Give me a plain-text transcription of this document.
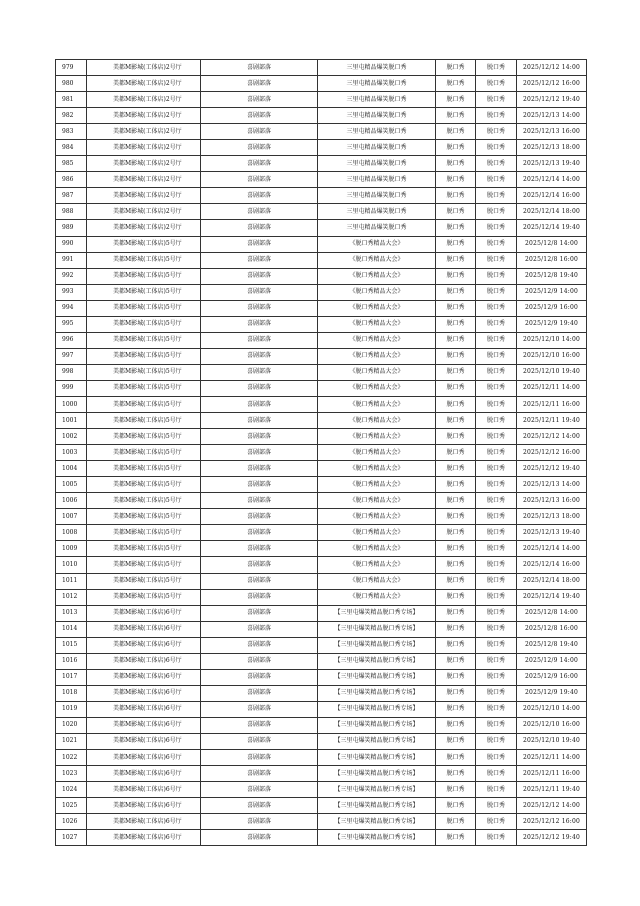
979	美都M影城(工体店)2号厅	喜剧部落	三里屯精品爆笑脱口秀	脱口秀	脱口秀	2025/12/12 14:00
980	美都M影城(工体店)2号厅	喜剧部落	三里屯精品爆笑脱口秀	脱口秀	脱口秀	2025/12/12 16:00
981	美都M影城(工体店)2号厅	喜剧部落	三里屯精品爆笑脱口秀	脱口秀	脱口秀	2025/12/12 19:40
982	美都M影城(工体店)2号厅	喜剧部落	三里屯精品爆笑脱口秀	脱口秀	脱口秀	2025/12/13 14:00
983	美都M影城(工体店)2号厅	喜剧部落	三里屯精品爆笑脱口秀	脱口秀	脱口秀	2025/12/13 16:00
984	美都M影城(工体店)2号厅	喜剧部落	三里屯精品爆笑脱口秀	脱口秀	脱口秀	2025/12/13 18:00
985	美都M影城(工体店)2号厅	喜剧部落	三里屯精品爆笑脱口秀	脱口秀	脱口秀	2025/12/13 19:40
986	美都M影城(工体店)2号厅	喜剧部落	三里屯精品爆笑脱口秀	脱口秀	脱口秀	2025/12/14 14:00
987	美都M影城(工体店)2号厅	喜剧部落	三里屯精品爆笑脱口秀	脱口秀	脱口秀	2025/12/14 16:00
988	美都M影城(工体店)2号厅	喜剧部落	三里屯精品爆笑脱口秀	脱口秀	脱口秀	2025/12/14 18:00
989	美都M影城(工体店)2号厅	喜剧部落	三里屯精品爆笑脱口秀	脱口秀	脱口秀	2025/12/14 19:40
990	美都M影城(工体店)5号厅	喜剧部落	《脱口秀精品大会》	脱口秀	脱口秀	2025/12/8 14:00
991	美都M影城(工体店)5号厅	喜剧部落	《脱口秀精品大会》	脱口秀	脱口秀	2025/12/8 16:00
992	美都M影城(工体店)5号厅	喜剧部落	《脱口秀精品大会》	脱口秀	脱口秀	2025/12/8 19:40
993	美都M影城(工体店)5号厅	喜剧部落	《脱口秀精品大会》	脱口秀	脱口秀	2025/12/9 14:00
994	美都M影城(工体店)5号厅	喜剧部落	《脱口秀精品大会》	脱口秀	脱口秀	2025/12/9 16:00
995	美都M影城(工体店)5号厅	喜剧部落	《脱口秀精品大会》	脱口秀	脱口秀	2025/12/9 19:40
996	美都M影城(工体店)5号厅	喜剧部落	《脱口秀精品大会》	脱口秀	脱口秀	2025/12/10 14:00
997	美都M影城(工体店)5号厅	喜剧部落	《脱口秀精品大会》	脱口秀	脱口秀	2025/12/10 16:00
998	美都M影城(工体店)5号厅	喜剧部落	《脱口秀精品大会》	脱口秀	脱口秀	2025/12/10 19:40
999	美都M影城(工体店)5号厅	喜剧部落	《脱口秀精品大会》	脱口秀	脱口秀	2025/12/11 14:00
1000	美都M影城(工体店)5号厅	喜剧部落	《脱口秀精品大会》	脱口秀	脱口秀	2025/12/11 16:00
1001	美都M影城(工体店)5号厅	喜剧部落	《脱口秀精品大会》	脱口秀	脱口秀	2025/12/11 19:40
1002	美都M影城(工体店)5号厅	喜剧部落	《脱口秀精品大会》	脱口秀	脱口秀	2025/12/12 14:00
1003	美都M影城(工体店)5号厅	喜剧部落	《脱口秀精品大会》	脱口秀	脱口秀	2025/12/12 16:00
1004	美都M影城(工体店)5号厅	喜剧部落	《脱口秀精品大会》	脱口秀	脱口秀	2025/12/12 19:40
1005	美都M影城(工体店)5号厅	喜剧部落	《脱口秀精品大会》	脱口秀	脱口秀	2025/12/13 14:00
1006	美都M影城(工体店)5号厅	喜剧部落	《脱口秀精品大会》	脱口秀	脱口秀	2025/12/13 16:00
1007	美都M影城(工体店)5号厅	喜剧部落	《脱口秀精品大会》	脱口秀	脱口秀	2025/12/13 18:00
1008	美都M影城(工体店)5号厅	喜剧部落	《脱口秀精品大会》	脱口秀	脱口秀	2025/12/13 19:40
1009	美都M影城(工体店)5号厅	喜剧部落	《脱口秀精品大会》	脱口秀	脱口秀	2025/12/14 14:00
1010	美都M影城(工体店)5号厅	喜剧部落	《脱口秀精品大会》	脱口秀	脱口秀	2025/12/14 16:00
1011	美都M影城(工体店)5号厅	喜剧部落	《脱口秀精品大会》	脱口秀	脱口秀	2025/12/14 18:00
1012	美都M影城(工体店)5号厅	喜剧部落	《脱口秀精品大会》	脱口秀	脱口秀	2025/12/14 19:40
1013	美都M影城(工体店)6号厅	喜剧部落	【三里屯爆笑精品脱口秀专场】	脱口秀	脱口秀	2025/12/8 14:00
1014	美都M影城(工体店)6号厅	喜剧部落	【三里屯爆笑精品脱口秀专场】	脱口秀	脱口秀	2025/12/8 16:00
1015	美都M影城(工体店)6号厅	喜剧部落	【三里屯爆笑精品脱口秀专场】	脱口秀	脱口秀	2025/12/8 19:40
1016	美都M影城(工体店)6号厅	喜剧部落	【三里屯爆笑精品脱口秀专场】	脱口秀	脱口秀	2025/12/9 14:00
1017	美都M影城(工体店)6号厅	喜剧部落	【三里屯爆笑精品脱口秀专场】	脱口秀	脱口秀	2025/12/9 16:00
1018	美都M影城(工体店)6号厅	喜剧部落	【三里屯爆笑精品脱口秀专场】	脱口秀	脱口秀	2025/12/9 19:40
1019	美都M影城(工体店)6号厅	喜剧部落	【三里屯爆笑精品脱口秀专场】	脱口秀	脱口秀	2025/12/10 14:00
1020	美都M影城(工体店)6号厅	喜剧部落	【三里屯爆笑精品脱口秀专场】	脱口秀	脱口秀	2025/12/10 16:00
1021	美都M影城(工体店)6号厅	喜剧部落	【三里屯爆笑精品脱口秀专场】	脱口秀	脱口秀	2025/12/10 19:40
1022	美都M影城(工体店)6号厅	喜剧部落	【三里屯爆笑精品脱口秀专场】	脱口秀	脱口秀	2025/12/11 14:00
1023	美都M影城(工体店)6号厅	喜剧部落	【三里屯爆笑精品脱口秀专场】	脱口秀	脱口秀	2025/12/11 16:00
1024	美都M影城(工体店)6号厅	喜剧部落	【三里屯爆笑精品脱口秀专场】	脱口秀	脱口秀	2025/12/11 19:40
1025	美都M影城(工体店)6号厅	喜剧部落	【三里屯爆笑精品脱口秀专场】	脱口秀	脱口秀	2025/12/12 14:00
1026	美都M影城(工体店)6号厅	喜剧部落	【三里屯爆笑精品脱口秀专场】	脱口秀	脱口秀	2025/12/12 16:00
1027	美都M影城(工体店)6号厅	喜剧部落	【三里屯爆笑精品脱口秀专场】	脱口秀	脱口秀	2025/12/12 19:40
